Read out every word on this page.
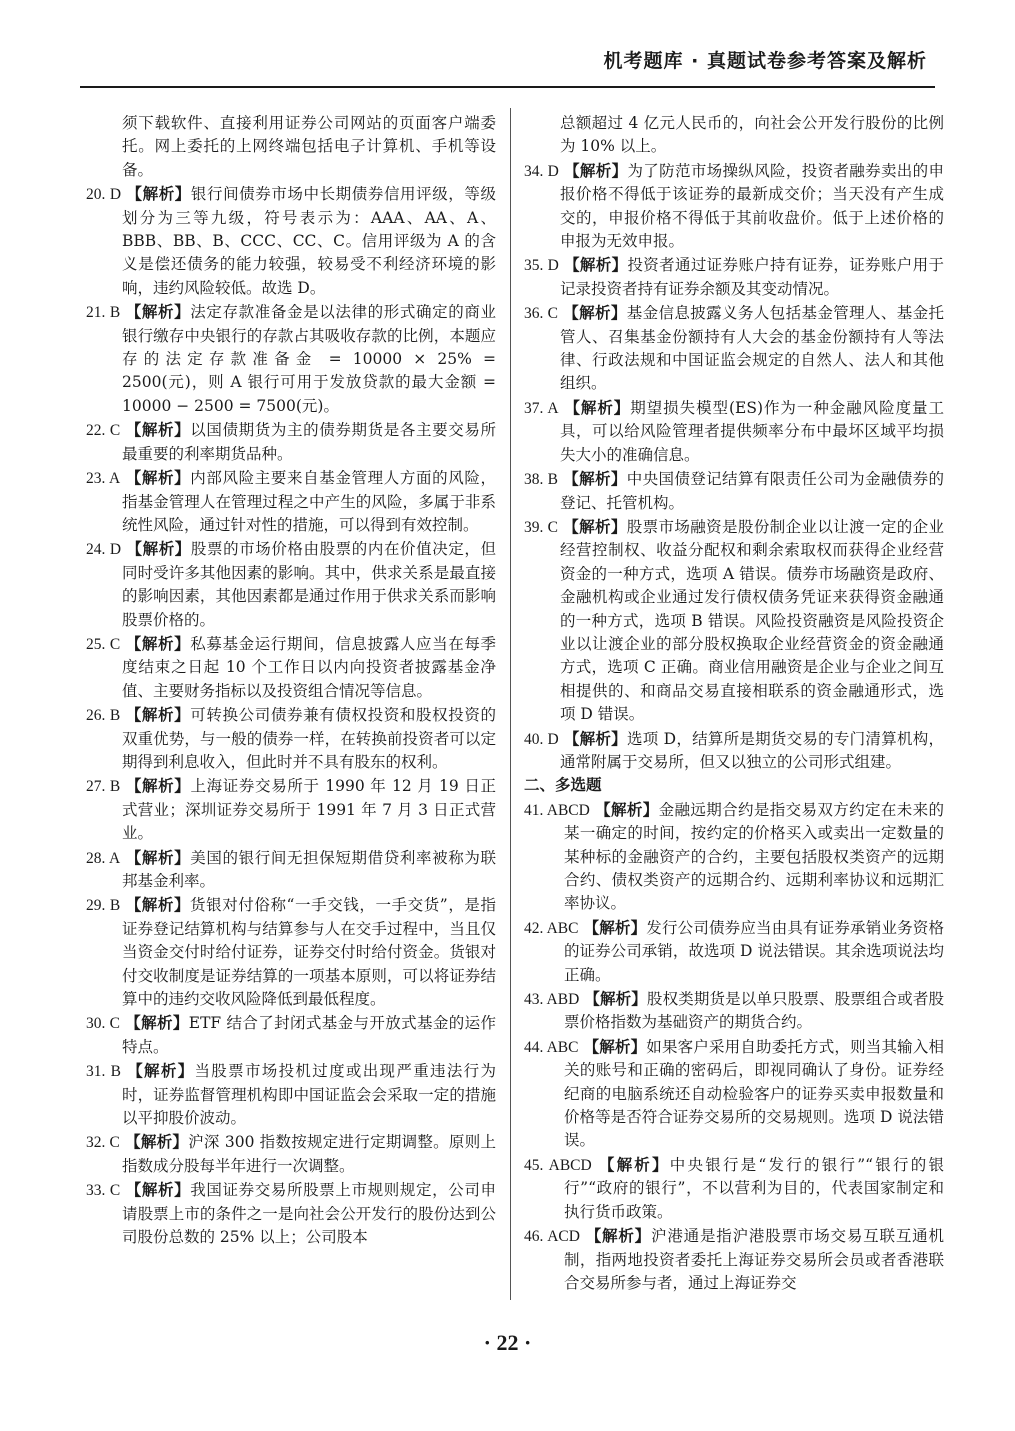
机考题库 · 真题试卷参考答案及解析

须下载软件、直接利用证券公司网站的页面客户端委托。网上委托的上网终端包括电子计算机、手机等设备。

20. D 【解析】银行间债券市场中长期债券信用评级，等级划分为三等九级，符号表示为：AAA、AA、A、BBB、BB、B、CCC、CC、C。信用评级为 A 的含义是偿还债务的能力较强，较易受不利经济环境的影响，违约风险较低。故选 D。

21. B 【解析】法定存款准备金是以法律的形式确定的商业银行缴存中央银行的存款占其吸收存款的比例，本题应存的法定存款准备金 = 10000 × 25% = 2500(元)，则 A 银行可用于发放贷款的最大金额 = 10000 − 2500 = 7500(元)。

22. C 【解析】以国债期货为主的债券期货是各主要交易所最重要的利率期货品种。

23. A 【解析】内部风险主要来自基金管理人方面的风险，指基金管理人在管理过程之中产生的风险，多属于非系统性风险，通过针对性的措施，可以得到有效控制。

24. D 【解析】股票的市场价格由股票的内在价值决定，但同时受许多其他因素的影响。其中，供求关系是最直接的影响因素，其他因素都是通过作用于供求关系而影响股票价格的。

25. C 【解析】私募基金运行期间，信息披露人应当在每季度结束之日起 10 个工作日以内向投资者披露基金净值、主要财务指标以及投资组合情况等信息。

26. B 【解析】可转换公司债券兼有债权投资和股权投资的双重优势，与一般的债券一样，在转换前投资者可以定期得到利息收入，但此时并不具有股东的权利。

27. B 【解析】上海证券交易所于 1990 年 12 月 19 日正式营业；深圳证券交易所于 1991 年 7 月 3 日正式营业。

28. A 【解析】美国的银行间无担保短期借贷利率被称为联邦基金利率。

29. B 【解析】货银对付俗称“一手交钱，一手交货”，是指证券登记结算机构与结算参与人在交手过程中，当且仅当资金交付时给付证券，证券交付时给付资金。货银对付交收制度是证券结算的一项基本原则，可以将证券结算中的违约交收风险降低到最低程度。

30. C 【解析】ETF 结合了封闭式基金与开放式基金的运作特点。

31. B 【解析】当股票市场投机过度或出现严重违法行为时，证券监督管理机构即中国证监会会采取一定的措施以平抑股价波动。

32. C 【解析】沪深 300 指数按规定进行定期调整。原则上指数成分股每半年进行一次调整。

33. C 【解析】我国证券交易所股票上市规则规定，公司申请股票上市的条件之一是向社会公开发行的股份达到公司股份总数的 25% 以上；公司股本

总额超过 4 亿元人民币的，向社会公开发行股份的比例为 10% 以上。

34. D 【解析】为了防范市场操纵风险，投资者融券卖出的申报价格不得低于该证券的最新成交价；当天没有产生成交的，申报价格不得低于其前收盘价。低于上述价格的申报为无效申报。

35. D 【解析】投资者通过证券账户持有证券，证券账户用于记录投资者持有证券余额及其变动情况。

36. C 【解析】基金信息披露义务人包括基金管理人、基金托管人、召集基金份额持有人大会的基金份额持有人等法律、行政法规和中国证监会规定的自然人、法人和其他组织。

37. A 【解析】期望损失模型(ES)作为一种金融风险度量工具，可以给风险管理者提供频率分布中最坏区域平均损失大小的准确信息。

38. B 【解析】中央国债登记结算有限责任公司为金融债券的登记、托管机构。

39. C 【解析】股票市场融资是股份制企业以让渡一定的企业经营控制权、收益分配权和剩余索取权而获得企业经营资金的一种方式，选项 A 错误。债券市场融资是政府、金融机构或企业通过发行债权债务凭证来获得资金融通的一种方式，选项 B 错误。风险投资融资是风险投资企业以让渡企业的部分股权换取企业经营资金的资金融通方式，选项 C 正确。商业信用融资是企业与企业之间互相提供的、和商品交易直接相联系的资金融通形式，选项 D 错误。

40. D 【解析】选项 D，结算所是期货交易的专门清算机构，通常附属于交易所，但又以独立的公司形式组建。

二、多选题

41. ABCD 【解析】金融远期合约是指交易双方约定在未来的某一确定的时间，按约定的价格买入或卖出一定数量的某种标的金融资产的合约，主要包括股权类资产的远期合约、债权类资产的远期合约、远期利率协议和远期汇率协议。

42. ABC 【解析】发行公司债券应当由具有证券承销业务资格的证券公司承销，故选项 D 说法错误。其余选项说法均正确。

43. ABD 【解析】股权类期货是以单只股票、股票组合或者股票价格指数为基础资产的期货合约。

44. ABC 【解析】如果客户采用自助委托方式，则当其输入相关的账号和正确的密码后，即视同确认了身份。证券经纪商的电脑系统还自动检验客户的证券买卖申报数量和价格等是否符合证券交易所的交易规则。选项 D 说法错误。

45. ABCD 【解析】中央银行是“发行的银行”“银行的银行”“政府的银行”，不以营利为目的，代表国家制定和执行货币政策。

46. ACD 【解析】沪港通是指沪港股票市场交易互联互通机制，指两地投资者委托上海证券交易所会员或者香港联合交易所参与者，通过上海证券交

· 22 ·
